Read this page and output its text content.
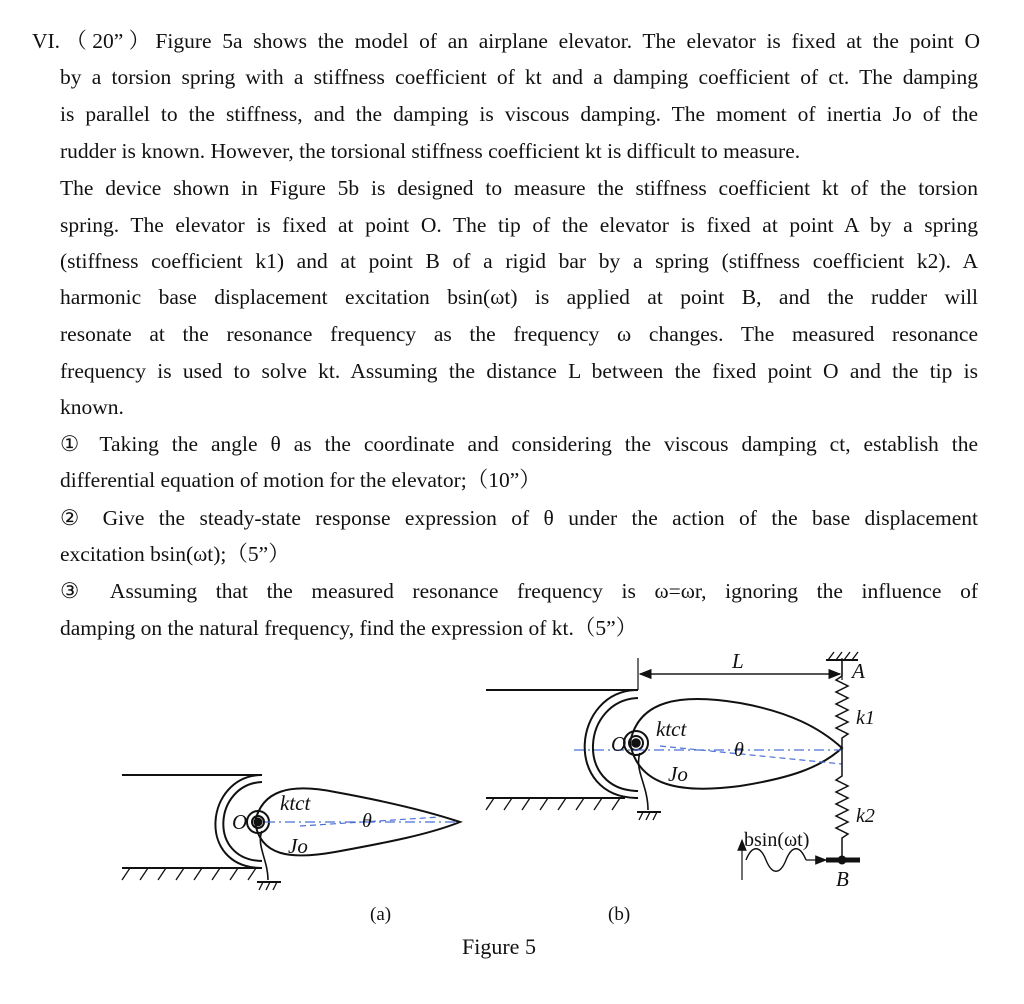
VI.（20”）Figure 5a shows the model of an airplane elevator. The elevator is fixed at the point O
by a torsion spring with a stiffness coefficient of kt and a damping coefficient of ct. The damping
is parallel to the stiffness, and the damping is viscous damping. The moment of inertia Jo of the
rudder is known. However, the torsional stiffness coefficient kt is difficult to measure.
The device shown in Figure 5b is designed to measure the stiffness coefficient kt of the torsion
spring. The elevator is fixed at point O. The tip of the elevator is fixed at point A by a spring
(stiffness coefficient k1) and at point B of a rigid bar by a spring (stiffness coefficient k2). A
harmonic base displacement excitation bsin(ωt) is applied at point B, and the rudder will
resonate at the resonance frequency as the frequency ω changes. The measured resonance
frequency is used to solve kt. Assuming the distance L between the fixed point O and the tip is
known.
① Taking the angle θ as the coordinate and considering the viscous damping ct, establish the
differential equation of motion for the elevator;（10”）
② Give the steady-state response expression of θ under the action of the base displacement
excitation bsin(ωt);（5”）
③ Assuming that the measured resonance frequency is ω=ωr, ignoring the influence of
damping on the natural frequency, find the expression of kt.（5”）
O
ktct
θ
Jo
(a)
O
ktct
θ
Jo
L	A
k1
k2
B
bsin(ωt)
(b)
Figure 5
